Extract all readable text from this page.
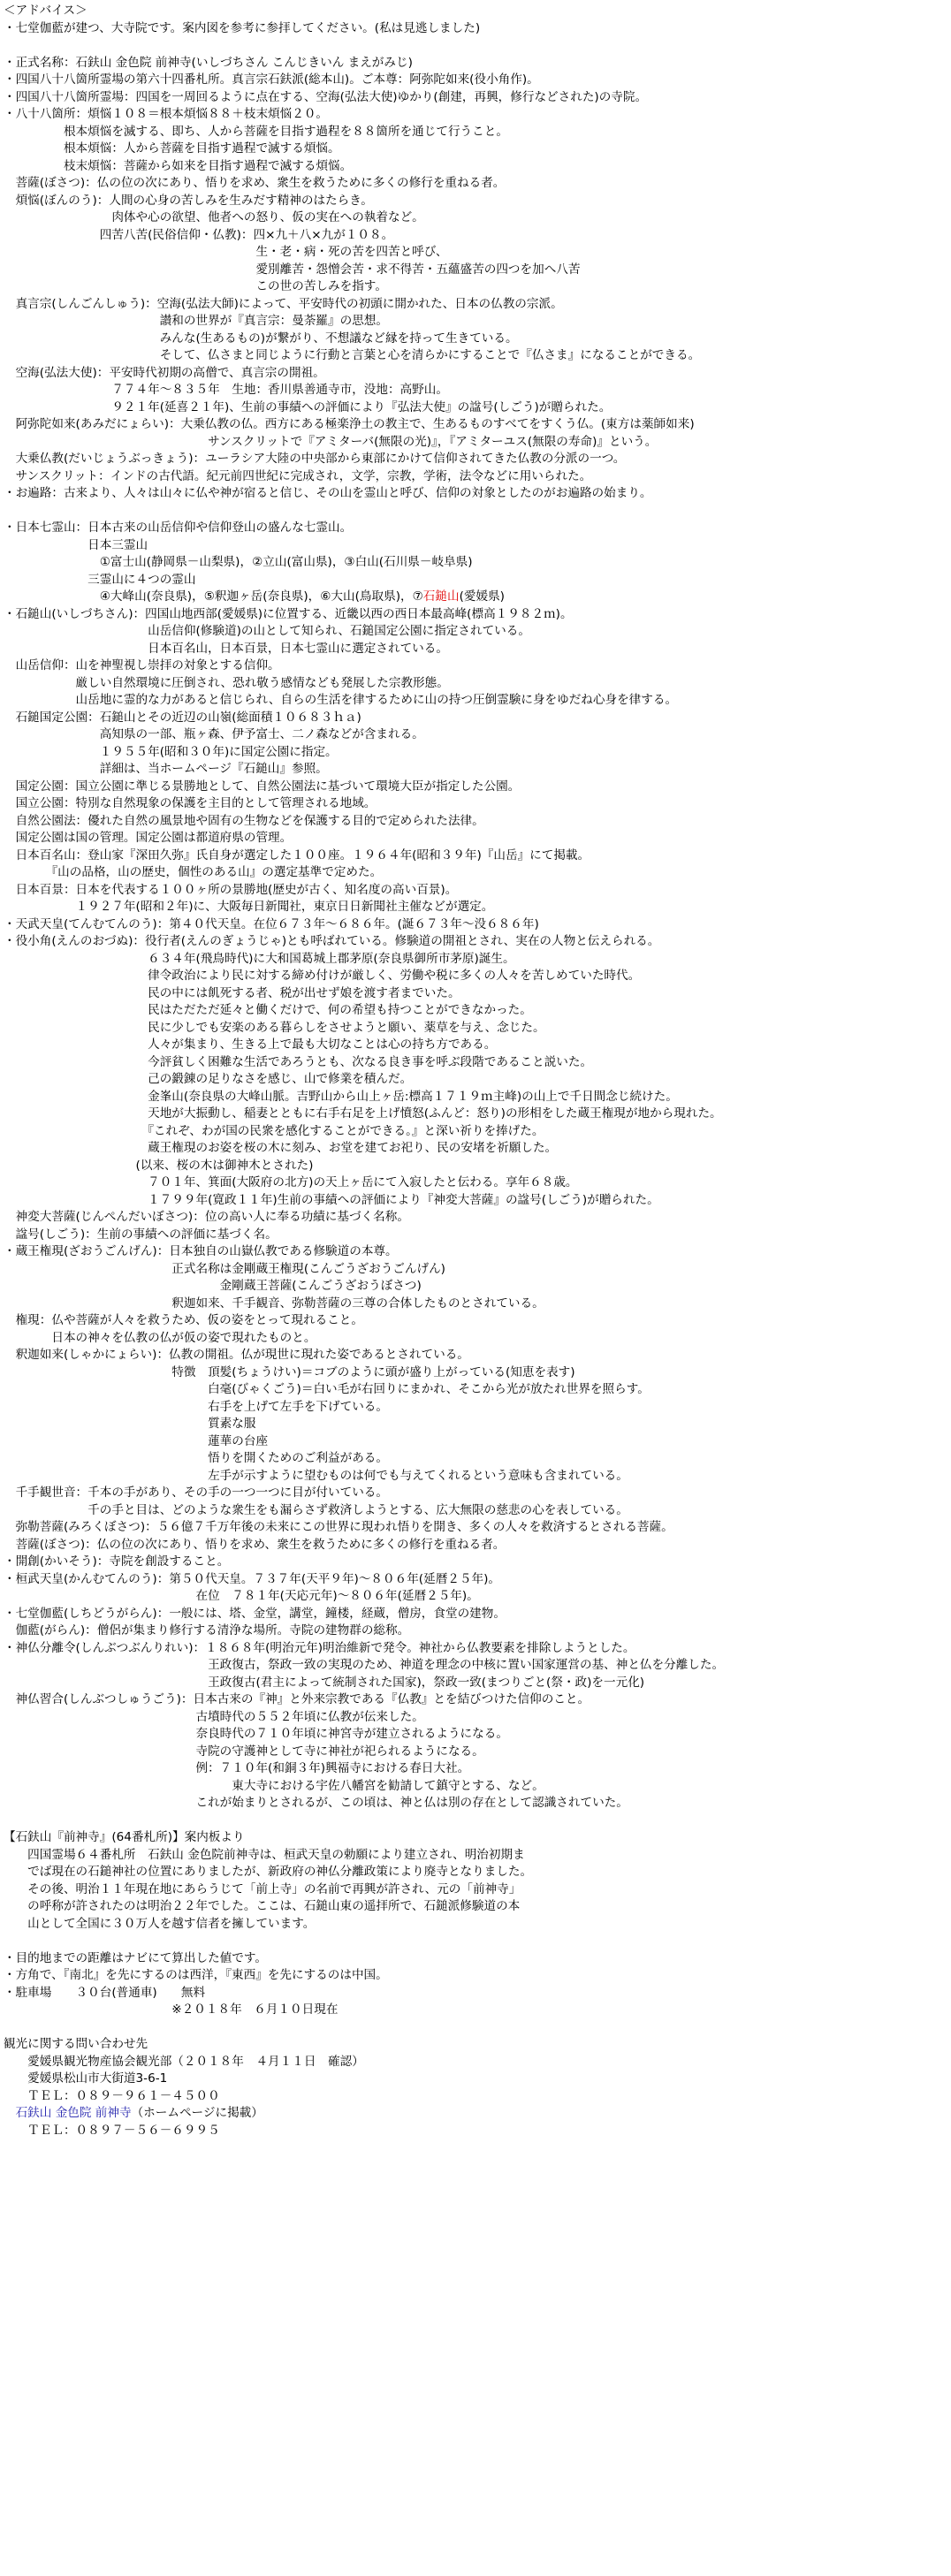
＜アドバイス＞
・七堂伽藍が建つ、大寺院です。案内図を参考に参拝してください。(私は見逃しました)
・正式名称：石鈇山 金色院 前神寺(いしづちさん こんじきいん まえがみじ)
・四国八十八箇所霊場の第六十四番札所。真言宗石鈇派(総本山)。ご本尊：阿弥陀如来(役小角作)。
・四国八十八箇所霊場：四国を一周回るように点在する、空海(弘法大使)ゆかり(創建，再興，修行などされた)の寺院。
・八十八箇所：煩悩１０８＝根本煩悩８８＋枝末煩悩２０。
　　　　　根本煩悩を滅する、即ち、人から菩薩を目指す過程を８８箇所を通じて行うこと。
　　　　　根本煩悩：人から菩薩を目指す過程で滅する煩悩。
　　　　　枝末煩悩：菩薩から如来を目指す過程で滅する煩悩。
　菩薩(ぼさつ)：仏の位の次にあり、悟りを求め、衆生を救うために多くの修行を重ねる者。
　煩悩(ぼんのう)：人間の心身の苦しみを生みだす精神のはたらき。
　　　　　　　　　肉体や心の欲望、他者への怒り、仮の実在への執着など。
　　　　　　　　四苦八苦(民俗信仰・仏教)：四×九＋八×九が１０８。
　　　　　　　　　　　　　　　　　　　　　生・老・病・死の苦を四苦と呼び、
　　　　　　　　　　　　　　　　　　　　　愛別離苦・怨憎会苦・求不得苦・五蘊盛苦の四つを加へ八苦
　　　　　　　　　　　　　　　　　　　　　この世の苦しみを指す。
　真言宗(しんごんしゅう)：空海(弘法大師)によって、平安時代の初頭に開かれた、日本の仏教の宗派。
　　　　　　　　　　　　　讃和の世界が『真言宗：曼荼羅』の思想。
　　　　　　　　　　　　　みんな(生あるもの)が繋がり、不想議など縁を持って生きている。
　　　　　　　　　　　　　そして、仏さまと同じように行動と言葉と心を清らかにすることで『仏さま』になることができる。
　空海(弘法大使)：平安時代初期の高僧で、真言宗の開祖。
　　　　　　　　　７７４年～８３５年　生地：香川県善通寺市，没地：高野山。
　　　　　　　　　９２１年(延喜２１年)、生前の事績への評価により『弘法大使』の諡号(しごう)が贈られた。
　阿弥陀如来(あみだにょらい)：大乗仏教の仏。西方にある極楽浄土の教主で、生あるものすべてをすくう仏。(東方は薬師如来)
　　　　　　　　　　　　　　　　　サンスクリットで『アミターバ(無限の光)』，『アミターユス(無限の寿命)』という。
　大乗仏教(だいじょうぶっきょう)：ユーラシア大陸の中央部から東部にかけて信仰されてきた仏教の分派の一つ。
　サンスクリット：インドの古代語。紀元前四世紀に完成され，文学，宗教，学術，法令などに用いられた。
・お遍路：古来より、人々は山々に仏や神が宿ると信じ、その山を霊山と呼び、信仰の対象としたのがお遍路の始まり。
・日本七霊山：日本古来の山岳信仰や信仰登山の盛んな七霊山。
　　　　　　　日本三霊山
　　　　　　　　①富士山(静岡県－山梨県)，②立山(富山県)，③白山(石川県－岐阜県)
　　　　　　　三霊山に４つの霊山
　　　　　　　　④大峰山(奈良県)，⑤釈迦ヶ岳(奈良県)，⑥大山(鳥取県)，⑦石鎚山(愛媛県)
・石鎚山(いしづちさん)：四国山地西部(愛媛県)に位置する、近畿以西の西日本最高峰(標高１９８２ｍ)。
　　　　　　　　　　　　山岳信仰(修験道)の山として知られ、石鎚国定公園に指定されている。
　　　　　　　　　　　　日本百名山，日本百景，日本七霊山に選定されている。
　山岳信仰：山を神聖視し崇拝の対象とする信仰。
　　　　　　厳しい自然環境に圧倒され、恐れ敬う感情なども発展した宗教形態。
　　　　　　山岳地に霊的な力があると信じられ、自らの生活を律するために山の持つ圧倒霊験に身をゆだね心身を律する。
　石鎚国定公園：石鎚山とその近辺の山嶺(総面積１０６８３ｈａ)
　　　　　　　　高知県の一部、瓶ヶ森、伊予富士、二ノ森などが含まれる。
　　　　　　　　１９５５年(昭和３０年)に国定公園に指定。
　　　　　　　　詳細は、当ホームページ『石鎚山』参照。
　国定公園：国立公園に準じる景勝地として、自然公園法に基づいて環境大臣が指定した公園。
　国立公園：特別な自然現象の保護を主目的として管理される地域。
　自然公園法：優れた自然の風景地や固有の生物などを保護する目的で定められた法律。
　国定公園は国の管理。国定公園は都道府県の管理。
　日本百名山：登山家『深田久弥』氏自身が選定した１００座。１９６４年(昭和３９年)『山岳』にて掲載。
　　　　『山の品格，山の歴史，個性のある山』の選定基準で定めた。
　日本百景：日本を代表する１００ヶ所の景勝地(歴史が古く、知名度の高い百景)。
　　　　　　１９２７年(昭和２年)に、大阪毎日新聞社，東京日日新聞社主催などが選定。
・天武天皇(てんむてんのう)：第４０代天皇。在位６７３年～６８６年。(誕６７３年～没６８６年)
・役小角(えんのおづぬ)：役行者(えんのぎょうじゃ)とも呼ばれている。修験道の開祖とされ、実在の人物と伝えられる。
　　　　　　　　　　　　６３４年(飛鳥時代)に大和国葛城上郡茅原(奈良県御所市茅原)誕生。
　　　　　　　　　　　　律令政治により民に対する締め付けが厳しく、労働や税に多くの人々を苦しめていた時代。
　　　　　　　　　　　　民の中には飢死する者、税が出せず娘を渡す者までいた。
　　　　　　　　　　　　民はただただ延々と働くだけで、何の希望も持つことができなかった。
　　　　　　　　　　　　民に少しでも安楽のある暮らしをさせようと願い、薬草を与え、念じた。
　　　　　　　　　　　　人々が集まり、生きる上で最も大切なことは心の持ち方である。
　　　　　　　　　　　　今評貧しく困難な生活であろうとも、次なる良き事を呼ぶ段階であること説いた。
　　　　　　　　　　　　己の鍛錬の足りなさを感じ、山で修業を積んだ。
　　　　　　　　　　　　金峯山(奈良県の大峰山脈。吉野山から山上ヶ岳:標高１７１９ｍ主峰)の山上で千日間念じ続けた。
　　　　　　　　　　　　天地が大振動し、稲妻とともに右手右足を上げ憤怒(ふんど：怒り)の形相をした蔵王権現が地から現れた。
　　　　　　　　　　　　『これぞ、わが国の民衆を感化することができる。』と深い祈りを捧げた。
　　　　　　　　　　　　蔵王権現のお姿を桜の木に刻み、お堂を建てお祀り、民の安堵を祈願した。
　　　　　　　　　　　(以来、桜の木は御神木とされた)
　　　　　　　　　　　　７０１年、箕面(大阪府の北方)の天上ヶ岳にて入寂したと伝わる。享年６８歳。
　　　　　　　　　　　　１７９９年(寛政１１年)生前の事績への評価により『神変大菩薩』の諡号(しごう)が贈られた。
　神変大菩薩(じんぺんだいぼさつ)：位の高い人に奉る功績に基づく名称。
　諡号(しごう)：生前の事績への評価に基づく名。
・蔵王権現(ざおうごんげん)：日本独自の山嶽仏教である修験道の本尊。
　　　　　　　　　　　　　　正式名称は金剛蔵王権現(こんごうざおうごんげん)
　　　　　　　　　　　　　　　　　　金剛蔵王菩薩(こんごうざおうぼさつ)
　　　　　　　　　　　　　　釈迦如来、千手観音、弥勒菩薩の三尊の合体したものとされている。
　権現：仏や菩薩が人々を救うため、仮の姿をとって現れること。
　　　　日本の神々を仏教の仏が仮の姿で現れたものと。
　釈迦如来(しゃかにょらい)：仏教の開祖。仏が現世に現れた姿であるとされている。
　　　　　　　　　　　　　　特徴　頂髪(ちょうけい)＝コブのように頭が盛り上がっている(知恵を表す)
　　　　　　　　　　　　　　　　　白毫(びゃくごう)＝白い毛が右回りにまかれ、そこから光が放たれ世界を照らす。
　　　　　　　　　　　　　　　　　右手を上げて左手を下げている。
　　　　　　　　　　　　　　　　　質素な服
　　　　　　　　　　　　　　　　　蓮華の台座
　　　　　　　　　　　　　　　　　悟りを開くためのご利益がある。
　　　　　　　　　　　　　　　　　左手が示すように望むものは何でも与えてくれるという意味も含まれている。
　千手観世音：千本の手があり、その手の一つ一つに目が付いている。
　　　　　　　千の手と目は、どのような衆生をも漏らさず救済しようとする、広大無限の慈悲の心を表している。
　弥勒菩薩(みろくぼさつ)：５６億７千万年後の未来にこの世界に現われ悟りを開き、多くの人々を救済するとされる菩薩。
　菩薩(ぼさつ)：仏の位の次にあり、悟りを求め、衆生を救うために多くの修行を重ねる者。
・開創(かいそう)：寺院を創設すること。
・桓武天皇(かんむてんのう)：第５０代天皇。７３７年(天平９年)～８０６年(延暦２５年)。
　　　　　　　　　　　　　　　　在位　７８１年(天応元年)～８０６年(延暦２５年)。
・七堂伽藍(しちどうがらん)：一般には、塔、金堂，講堂，鐘楼，経蔵，僧房，食堂の建物。
　伽藍(がらん)：僧侶が集まり修行する清浄な場所。寺院の建物群の総称。
・神仏分離令(しんぶつぶんりれい)：１８６８年(明治元年)明治維新で発令。神社から仏教要素を排除しようとした。
　　　　　　　　　　　　　　　　　王政復古，祭政一致の実現のため、神道を理念の中核に置い国家運営の基、神と仏を分離した。
　　　　　　　　　　　　　　　　　王政復古(君主によって統制された国家)，祭政一致(まつりごと(祭・政)を一元化)
　神仏習合(しんぶつしゅうごう)：日本古来の『神』と外来宗教である『仏教』とを結びつけた信仰のこと。
　　　　　　　　　　　　　　　　古墳時代の５５２年頃に仏教が伝来した。
　　　　　　　　　　　　　　　　奈良時代の７１０年頃に神宮寺が建立されるようになる。
　　　　　　　　　　　　　　　　寺院の守護神として寺に神社が祀られるようになる。
　　　　　　　　　　　　　　　　例：７１０年(和銅３年)興福寺における春日大社。
　　　　　　　　　　　　　　　　　　　東大寺における宇佐八幡宮を勧請して鎮守とする、など。
　　　　　　　　　　　　　　　　これが始まりとされるが、この頃は、神と仏は別の存在として認識されていた。
【石鈇山『前神寺』(64番札所)】案内板より
　　四国霊場６４番札所　石鈇山 金色院前神寺は、桓武天皇の勅願により建立され、明治初期ま
　　でば現在の石鎚神社の位置にありましたが、新政府の神仏分離政策により廃寺となりました。
　　その後、明治１１年現在地にあらうじて「前上寺」の名前で再興が許され、元の「前神寺」
　　の呼称が許されたのは明治２２年でした。ここは、石鎚山東の遥拝所で、石鎚派修験道の本
　　山として全国に３０万人を越す信者を擁しています。
・目的地までの距離はナビにて算出した値です。
・方角で、『南北』を先にするのは西洋，『東西』を先にするのは中国。
・駐車場　　３０台(普通車)　　無料
　　　　　　　　　　　　　　※２０１８年　６月１０日現在
観光に関する問い合わせ先
　　愛媛県観光物産協会観光部（２０１８年　４月１１日　確認）
　　愛媛県松山市大街道3-6-1
　　ＴＥＬ：０８９－９６１－４５００
　石鈇山 金色院 前神寺（ホームページに掲載）
　　ＴＥＬ：０８９７－５６－６９９５
